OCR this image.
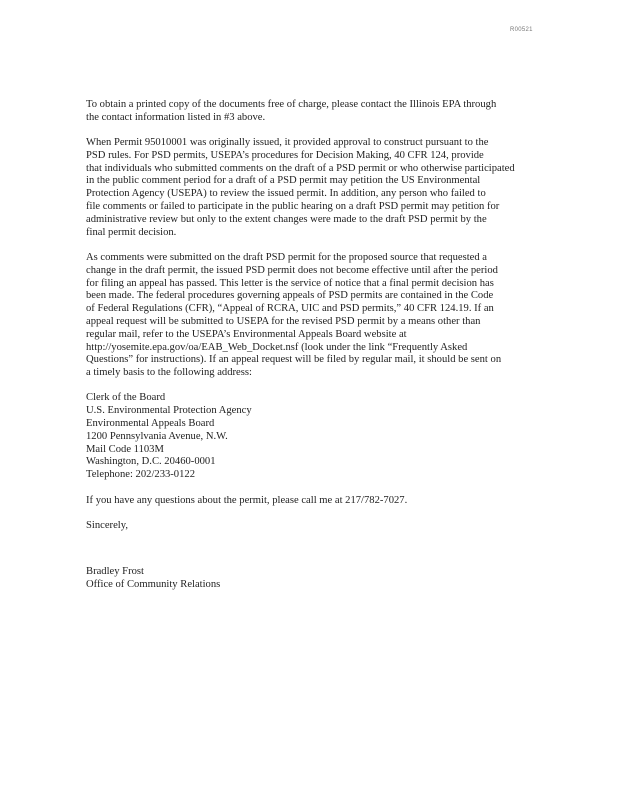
R00521

To obtain a printed copy of the documents free of charge, please contact the Illinois EPA through
the contact information listed in #3 above.

When Permit 95010001 was originally issued, it provided approval to construct pursuant to the
PSD rules. For PSD permits, USEPA’s procedures for Decision Making, 40 CFR 124, provide
that individuals who submitted comments on the draft of a PSD permit or who otherwise participated
in the public comment period for a draft of a PSD permit may petition the US Environmental
Protection Agency (USEPA) to review the issued permit. In addition, any person who failed to
file comments or failed to participate in the public hearing on a draft PSD permit may petition for
administrative review but only to the extent changes were made to the draft PSD permit by the
final permit decision.

As comments were submitted on the draft PSD permit for the proposed source that requested a
change in the draft permit, the issued PSD permit does not become effective until after the period
for filing an appeal has passed. This letter is the service of notice that a final permit decision has
been made. The federal procedures governing appeals of PSD permits are contained in the Code
of Federal Regulations (CFR), “Appeal of RCRA, UIC and PSD permits,” 40 CFR 124.19. If an
appeal request will be submitted to USEPA for the revised PSD permit by a means other than
regular mail, refer to the USEPA’s Environmental Appeals Board website at
http://yosemite.epa.gov/oa/EAB_Web_Docket.nsf (look under the link “Frequently Asked
Questions” for instructions). If an appeal request will be filed by regular mail, it should be sent on
a timely basis to the following address:

Clerk of the Board
U.S. Environmental Protection Agency
Environmental Appeals Board
1200 Pennsylvania Avenue, N.W.
Mail Code 1103M
Washington, D.C. 20460-0001
Telephone: 202/233-0122

If you have any questions about the permit, please call me at 217/782-7027.

Sincerely,

Bradley Frost
Office of Community Relations
